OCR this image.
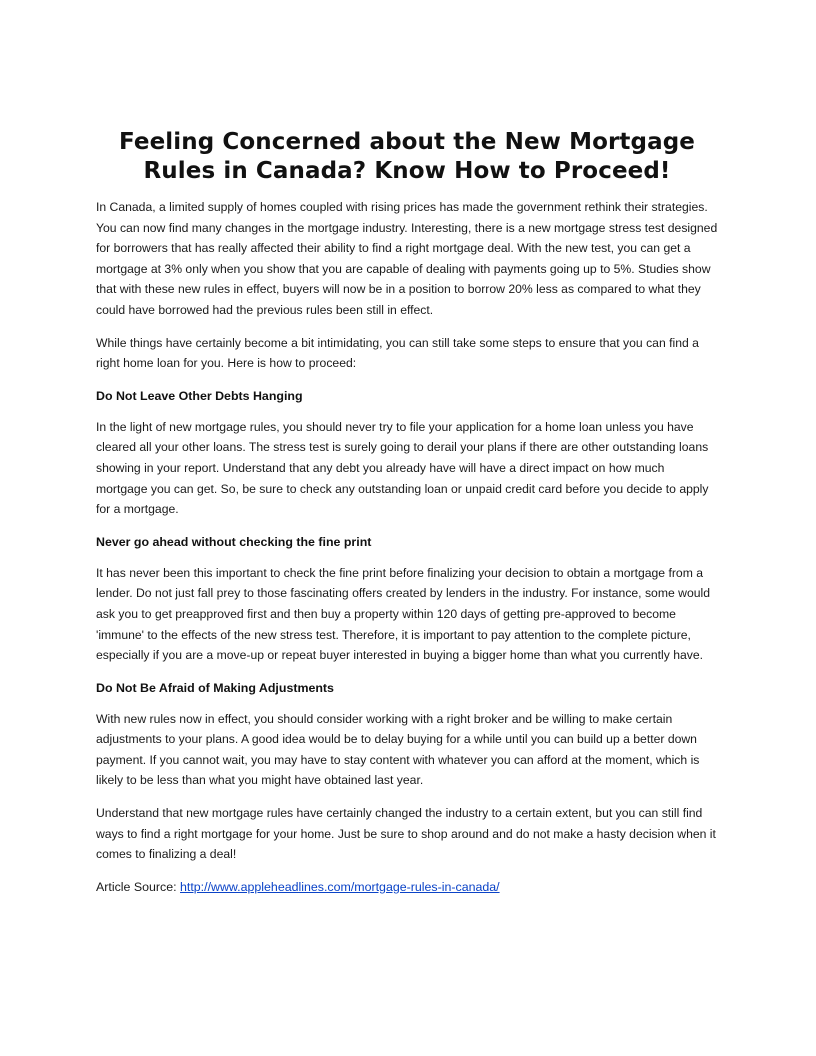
Feeling Concerned about the New Mortgage Rules in Canada? Know How to Proceed!

In Canada, a limited supply of homes coupled with rising prices has made the government rethink their strategies. You can now find many changes in the mortgage industry. Interesting, there is a new mortgage stress test designed for borrowers that has really affected their ability to find a right mortgage deal. With the new test, you can get a mortgage at 3% only when you show that you are capable of dealing with payments going up to 5%. Studies show that with these new rules in effect, buyers will now be in a position to borrow 20% less as compared to what they could have borrowed had the previous rules been still in effect.

While things have certainly become a bit intimidating, you can still take some steps to ensure that you can find a right home loan for you. Here is how to proceed:

Do Not Leave Other Debts Hanging

In the light of new mortgage rules, you should never try to file your application for a home loan unless you have cleared all your other loans. The stress test is surely going to derail your plans if there are other outstanding loans showing in your report. Understand that any debt you already have will have a direct impact on how much mortgage you can get. So, be sure to check any outstanding loan or unpaid credit card before you decide to apply for a mortgage.

Never go ahead without checking the fine print

It has never been this important to check the fine print before finalizing your decision to obtain a mortgage from a lender. Do not just fall prey to those fascinating offers created by lenders in the industry. For instance, some would ask you to get preapproved first and then buy a property within 120 days of getting pre-approved to become 'immune' to the effects of the new stress test. Therefore, it is important to pay attention to the complete picture, especially if you are a move-up or repeat buyer interested in buying a bigger home than what you currently have.

Do Not Be Afraid of Making Adjustments

With new rules now in effect, you should consider working with a right broker and be willing to make certain adjustments to your plans. A good idea would be to delay buying for a while until you can build up a better down payment. If you cannot wait, you may have to stay content with whatever you can afford at the moment, which is likely to be less than what you might have obtained last year.

Understand that new mortgage rules have certainly changed the industry to a certain extent, but you can still find ways to find a right mortgage for your home. Just be sure to shop around and do not make a hasty decision when it comes to finalizing a deal!

Article Source: http://www.appleheadlines.com/mortgage-rules-in-canada/
